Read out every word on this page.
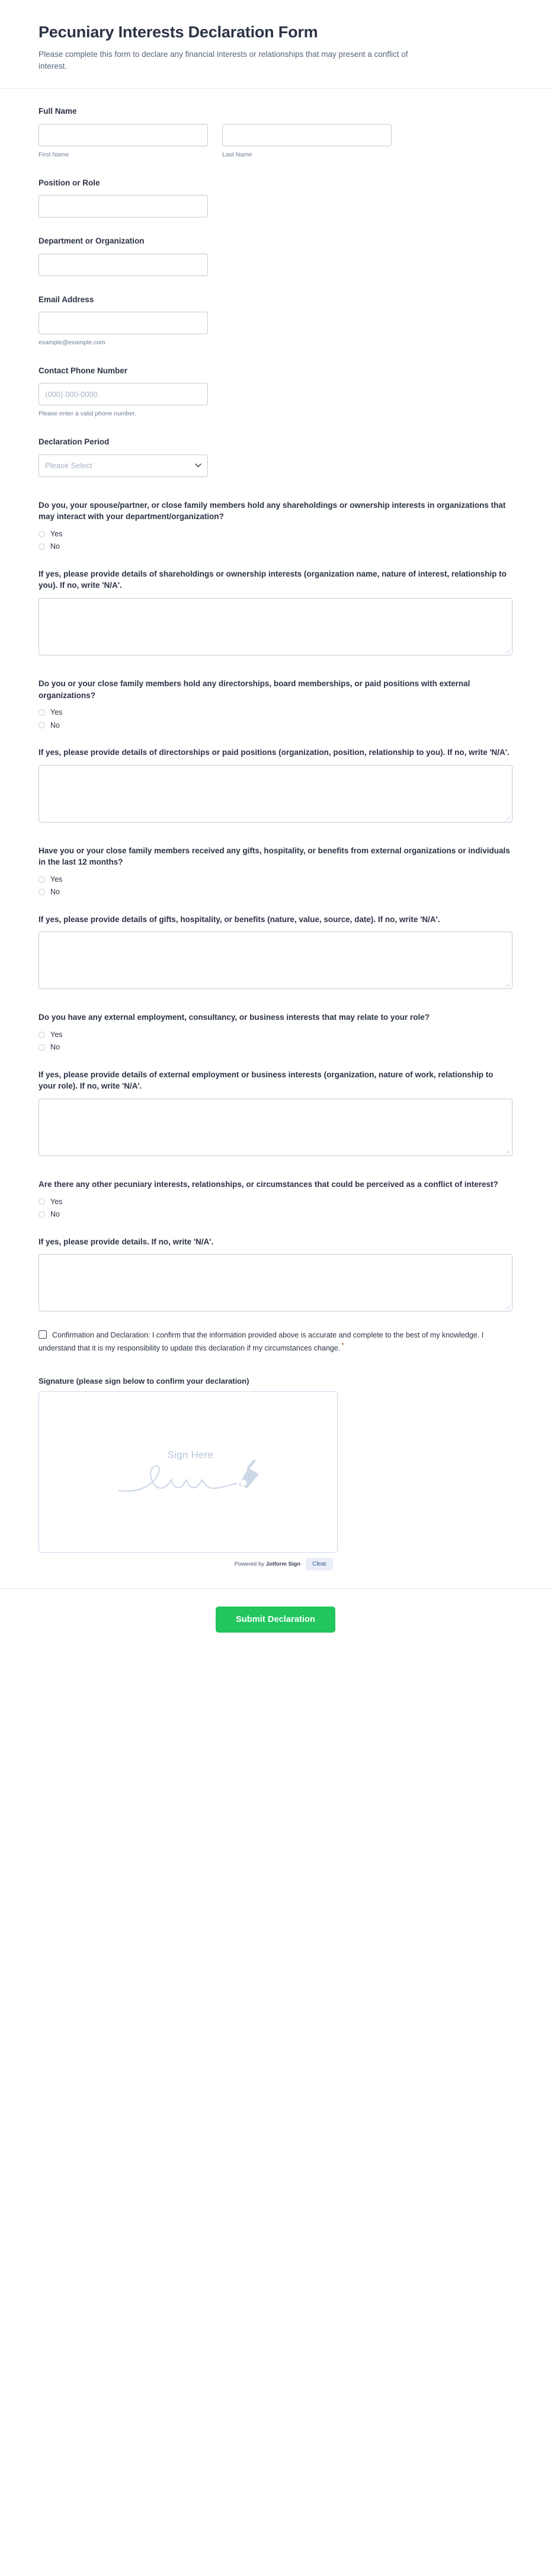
Pecuniary Interests Declaration Form

Please complete this form to declare any financial interests or relationships that may present a conflict of interest.

Full Name
First Name	Last Name
Position or Role
Department or Organization
Email Address
example@example.com
Contact Phone Number
(000) 000-0000
Please enter a valid phone number.
Declaration Period
Please Select
Do you, your spouse/partner, or close family members hold any shareholdings or ownership interests in organizations that may interact with your department/organization?
Yes
No
If yes, please provide details of shareholdings or ownership interests (organization name, nature of interest, relationship to you). If no, write 'N/A'.
Do you or your close family members hold any directorships, board memberships, or paid positions with external organizations?
Yes
No
If yes, please provide details of directorships or paid positions (organization, position, relationship to you). If no, write 'N/A'.
Have you or your close family members received any gifts, hospitality, or benefits from external organizations or individuals in the last 12 months?
Yes
No
If yes, please provide details of gifts, hospitality, or benefits (nature, value, source, date). If no, write 'N/A'.
Do you have any external employment, consultancy, or business interests that may relate to your role?
Yes
No
If yes, please provide details of external employment or business interests (organization, nature of work, relationship to your role). If no, write 'N/A'.
Are there any other pecuniary interests, relationships, or circumstances that could be perceived as a conflict of interest?
Yes
No
If yes, please provide details. If no, write 'N/A'.
Confirmation and Declaration: I confirm that the information provided above is accurate and complete to the best of my knowledge. I understand that it is my responsibility to update this declaration if my circumstances change. *
Signature (please sign below to confirm your declaration)
Sign Here
Powered by Jotform Sign	Clear
Submit Declaration
